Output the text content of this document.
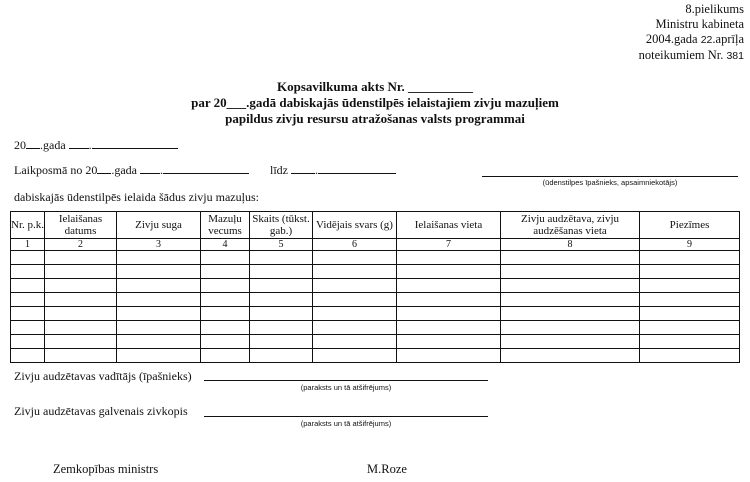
8.pielikums
Ministru kabineta
2004.gada 22.aprīļa
noteikumiem Nr. 381
Kopsavilkuma akts Nr. __________
par 20___.gadā dabiskajās ūdenstilpēs ielaistajiem zivju mazuļiem
papildus zivju resursu atražošanas valsts programmai
20 .gada .
Laikposmā no 20 .gada .	līdz .
(ūdenstilpes īpašnieks, apsaimniekotājs)
dabiskajās ūdenstilpēs ielaida šādus zivju mazuļus:
Nr. p.k.	Ielaišanas datums	Zivju suga	Mazuļu vecums	Skaits (tūkst. gab.)	Vidējais svars (g)	Ielaišanas vieta	Zivju audzētava, zivju audzēšanas vieta	Piezīmes
1	2	3	4	5	6	7	8	9

Zivju audzētavas vadītājs (īpašnieks)
(paraksts un tā atšifrējums)
Zivju audzētavas galvenais zivkopis
(paraksts un tā atšifrējums)
Zemkopības ministrs	M.Roze
